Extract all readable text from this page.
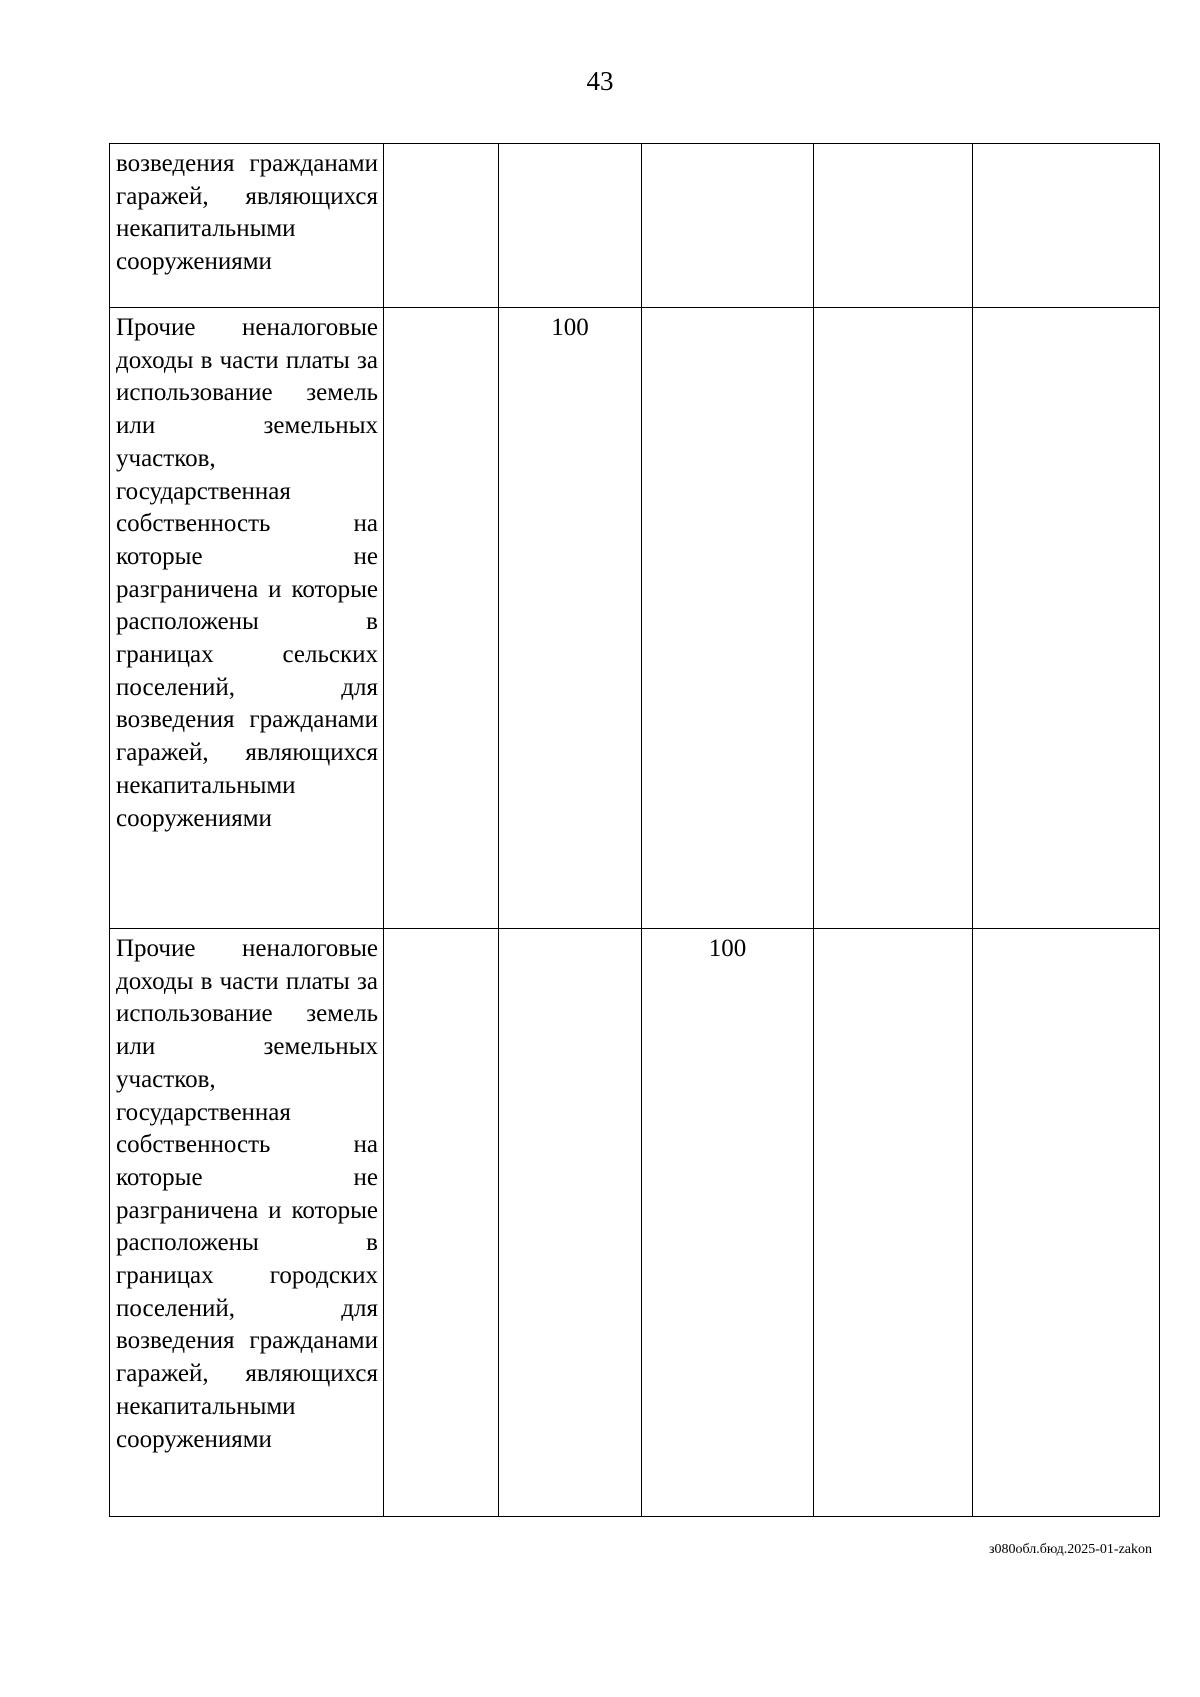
43
возведения гражданами гаражей, являющихся некапитальными сооружениями					
Прочие неналоговые доходы в части платы за использование земель или земельных участков, государственная собственность на которые не разграничена и которые расположены в границах сельских поселений, для возведения гражданами гаражей, являющихся некапитальными сооружениями		100			
Прочие неналоговые доходы в части платы за использование земель или земельных участков, государственная собственность на которые не разграничена и которые расположены в границах городских поселений, для возведения гражданами гаражей, являющихся некапитальными сооружениями			100		
з080обл.бюд.2025-01-zakon
